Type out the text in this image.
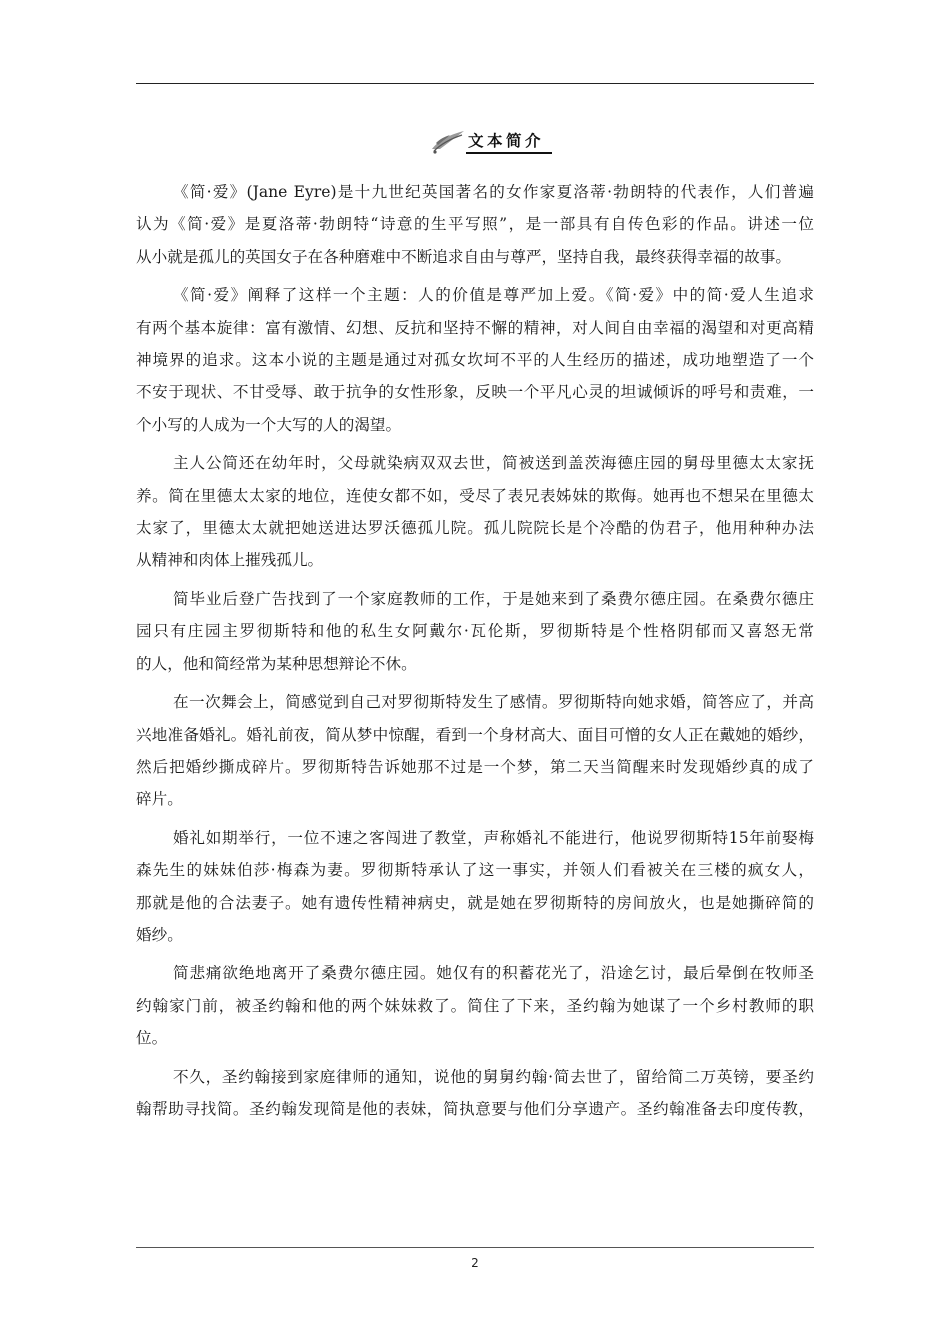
文本简介
《简·爱》(Jane Eyre)是十九世纪英国著名的女作家夏洛蒂·勃朗特的代表作，人们普遍
认为《简·爱》是夏洛蒂·勃朗特“诗意的生平写照”，是一部具有自传色彩的作品。讲述一位
从小就是孤儿的英国女子在各种磨难中不断追求自由与尊严，坚持自我，最终获得幸福的故事。
《简·爱》阐释了这样一个主题：人的价值是尊严加上爱。《简·爱》中的简·爱人生追求
有两个基本旋律：富有激情、幻想、反抗和坚持不懈的精神，对人间自由幸福的渴望和对更高精
神境界的追求。这本小说的主题是通过对孤女坎坷不平的人生经历的描述，成功地塑造了一个
不安于现状、不甘受辱、敢于抗争的女性形象，反映一个平凡心灵的坦诚倾诉的呼号和责难，一
个小写的人成为一个大写的人的渴望。
主人公简还在幼年时，父母就染病双双去世，简被送到盖茨海德庄园的舅母里德太太家抚
养。简在里德太太家的地位，连使女都不如，受尽了表兄表姊妹的欺侮。她再也不想呆在里德太
太家了，里德太太就把她送进达罗沃德孤儿院。孤儿院院长是个冷酷的伪君子，他用种种办法
从精神和肉体上摧残孤儿。
简毕业后登广告找到了一个家庭教师的工作，于是她来到了桑费尔德庄园。在桑费尔德庄
园只有庄园主罗彻斯特和他的私生女阿戴尔·瓦伦斯，罗彻斯特是个性格阴郁而又喜怒无常
的人，他和简经常为某种思想辩论不休。
在一次舞会上，简感觉到自己对罗彻斯特发生了感情。罗彻斯特向她求婚，简答应了，并高
兴地准备婚礼。婚礼前夜，简从梦中惊醒，看到一个身材高大、面目可憎的女人正在戴她的婚纱，
然后把婚纱撕成碎片。罗彻斯特告诉她那不过是一个梦，第二天当简醒来时发现婚纱真的成了
碎片。
婚礼如期举行，一位不速之客闯进了教堂，声称婚礼不能进行，他说罗彻斯特15年前娶梅
森先生的妹妹伯莎·梅森为妻。罗彻斯特承认了这一事实，并领人们看被关在三楼的疯女人，
那就是他的合法妻子。她有遗传性精神病史，就是她在罗彻斯特的房间放火，也是她撕碎简的
婚纱。
简悲痛欲绝地离开了桑费尔德庄园。她仅有的积蓄花光了，沿途乞讨，最后晕倒在牧师圣
约翰家门前，被圣约翰和他的两个妹妹救了。简住了下来，圣约翰为她谋了一个乡村教师的职
位。
不久，圣约翰接到家庭律师的通知，说他的舅舅约翰·简去世了，留给简二万英镑，要圣约
翰帮助寻找简。圣约翰发现简是他的表妹，简执意要与他们分享遗产。圣约翰准备去印度传教，
2
